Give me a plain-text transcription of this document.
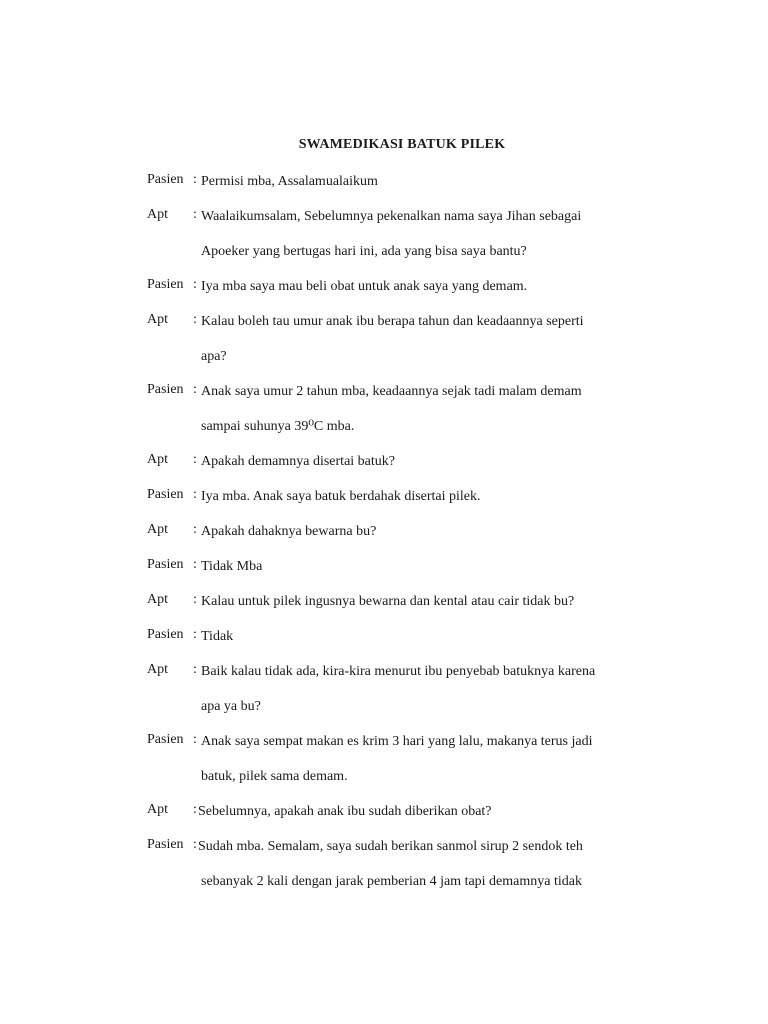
SWAMEDIKASI BATUK PILEK
Pasien : Permisi mba, Assalamualaikum
Apt	: Waalaikumsalam, Sebelumnya pekenalkan nama saya Jihan sebagai
Apoeker yang bertugas hari ini, ada yang bisa saya bantu?
Pasien : Iya mba saya mau beli obat untuk anak saya yang demam.
Apt	: Kalau boleh tau umur anak ibu berapa tahun dan keadaannya seperti
apa?
Pasien : Anak saya umur 2 tahun mba, keadaannya sejak tadi malam demam
sampai suhunya 39⁰C mba.
Apt	: Apakah demamnya disertai batuk?
Pasien : Iya mba. Anak saya batuk berdahak disertai pilek.
Apt	: Apakah dahaknya bewarna bu?
Pasien : Tidak Mba
Apt	: Kalau untuk pilek ingusnya bewarna dan kental atau cair tidak bu?
Pasien : Tidak
Apt	: Baik kalau tidak ada, kira-kira menurut ibu penyebab batuknya karena
apa ya bu?
Pasien : Anak saya sempat makan es krim 3 hari yang lalu, makanya terus jadi
batuk, pilek sama demam.
Apt	: Sebelumnya, apakah anak ibu sudah diberikan obat?
Pasien : Sudah mba. Semalam, saya sudah berikan sanmol sirup 2 sendok teh
sebanyak 2 kali dengan jarak pemberian 4 jam tapi demamnya tidak
